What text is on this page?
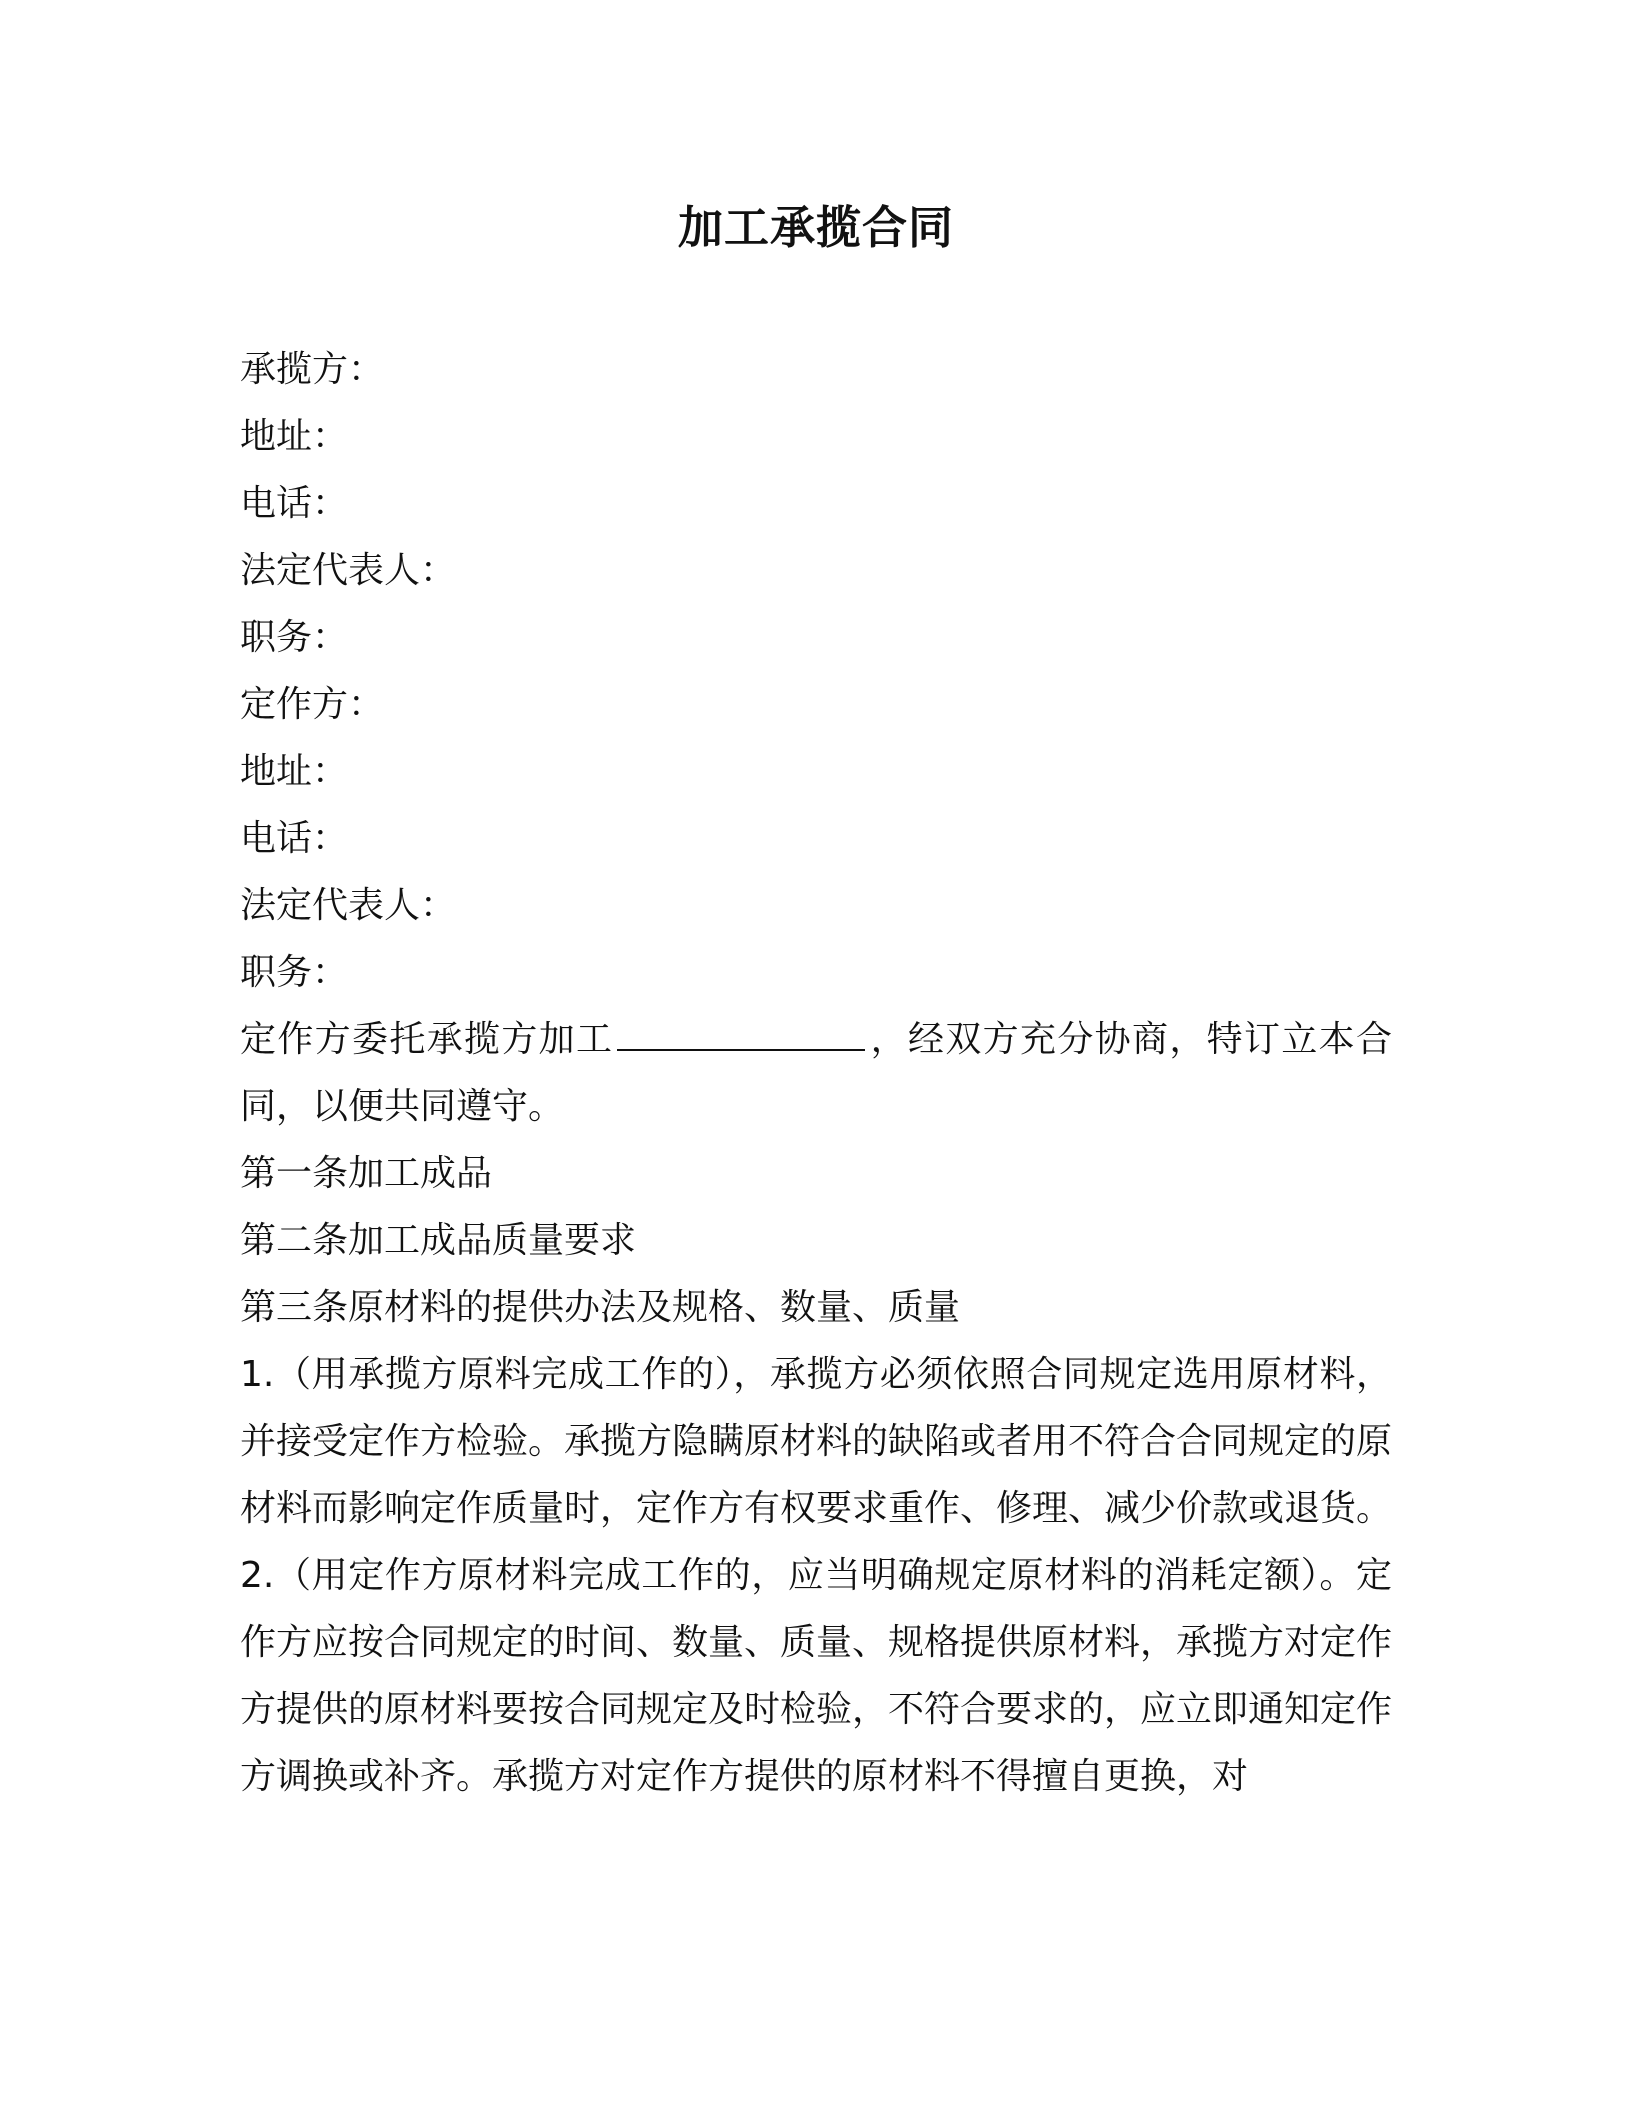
加工承揽合同
承揽方：
地址：
电话：
法定代表人：
职务：
定作方：
地址：
电话：
法定代表人：
职务：
定作方委托承揽方加工	，经双方充分协商，特订立本合同，以便共同遵守。
第一条加工成品
第二条加工成品质量要求
第三条原材料的提供办法及规格、数量、质量
1.（用承揽方原料完成工作的），承揽方必须依照合同规定选用原材料，并接受定作方检验。承揽方隐瞒原材料的缺陷或者用不符合合同规定的原材料而影响定作质量时，定作方有权要求重作、修理、减少价款或退货。
2.（用定作方原材料完成工作的，应当明确规定原材料的消耗定额）。定作方应按合同规定的时间、数量、质量、规格提供原材料，承揽方对定作方提供的原材料要按合同规定及时检验，不符合要求的，应立即通知定作方调换或补齐。承揽方对定作方提供的原材料不得擅自更换，对
